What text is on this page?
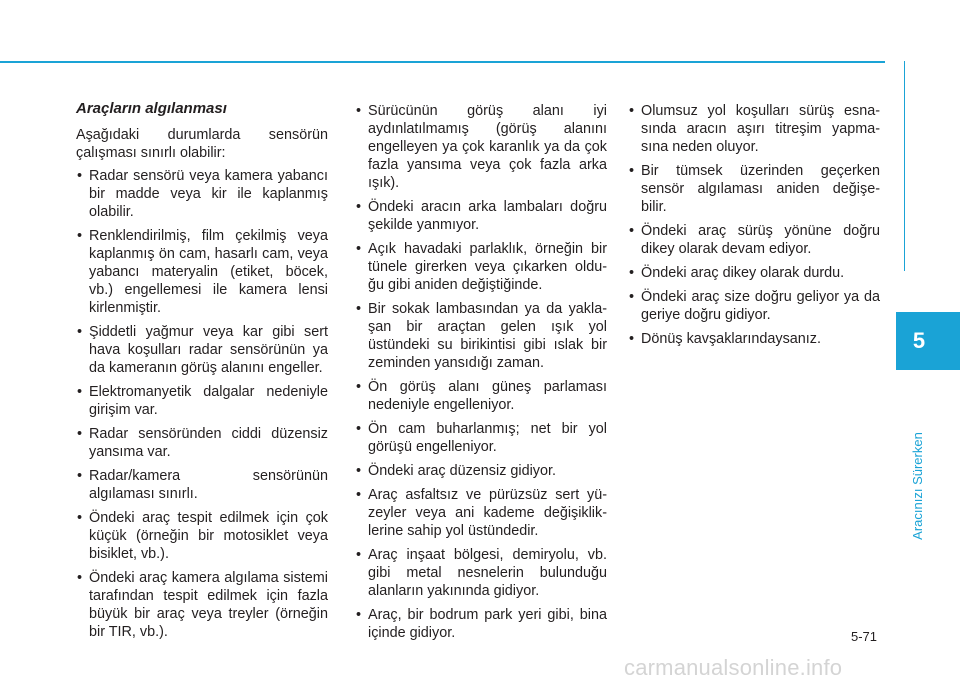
5
Aracınızı Sürerken

Araçların algılanması

Aşağıdaki durumlarda sensörün çalışması sınırlı olabilir:

• Radar sensörü veya kamera yabancı bir madde veya kir ile kaplanmış olabilir.
• Renklendirilmiş, film çekilmiş veya kaplanmış ön cam, hasarlı cam, veya yabancı materyalin (etiket, böcek, vb.) engellemesi ile kamera lensi kirlenmiştir.
• Şiddetli yağmur veya kar gibi sert hava koşulları radar sensörünün ya da kameranın görüş alanını engeller.
• Elektromanyetik dalgalar nedeniyle girişim var.
• Radar sensöründen ciddi düzensiz yansıma var.
• Radar/kamera sensörünün algılaması sınırlı.
• Öndeki araç tespit edilmek için çok küçük (örneğin bir motosiklet veya bisiklet, vb.).
• Öndeki araç kamera algılama sistemi tarafından tespit edilmek için fazla büyük bir araç veya treyler (örneğin bir TIR, vb.).
• Sürücünün görüş alanı iyi aydınlatılmamış (görüş alanını engelleyen ya çok karanlık ya da çok fazla yansıma veya çok fazla arka ışık).
• Öndeki aracın arka lambaları doğru şekilde yanmıyor.
• Açık havadaki parlaklık, örneğin bir tünele girerken veya çıkarken oldu- ğu gibi aniden değiştiğinde.
• Bir sokak lambasından ya da yakla- şan bir araçtan gelen ışık yol üstündeki su birikintisi gibi ıslak bir zeminden yansıdığı zaman.
• Ön görüş alanı güneş parlaması nedeniyle engelleniyor.
• Ön cam buharlanmış; net bir yol görüşü engelleniyor.
• Öndeki araç düzensiz gidiyor.
• Araç asfaltsız ve pürüzsüz sert yü- zeyler veya ani kademe değişiklik- lerine sahip yol üstündedir.
• Araç inşaat bölgesi, demiryolu, vb. gibi metal nesnelerin bulunduğu alanların yakınında gidiyor.
• Araç, bir bodrum park yeri gibi, bina içinde gidiyor.
• Olumsuz yol koşulları sürüş esna- sında aracın aşırı titreşim yapma- sına neden oluyor.
• Bir tümsek üzerinden geçerken sensör algılaması aniden değişe- bilir.
• Öndeki araç sürüş yönüne doğru dikey olarak devam ediyor.
• Öndeki araç dikey olarak durdu.
• Öndeki araç size doğru geliyor ya da geriye doğru gidiyor.
• Dönüş kavşaklarındaysanız.
5-71
carmanualsonline.info
